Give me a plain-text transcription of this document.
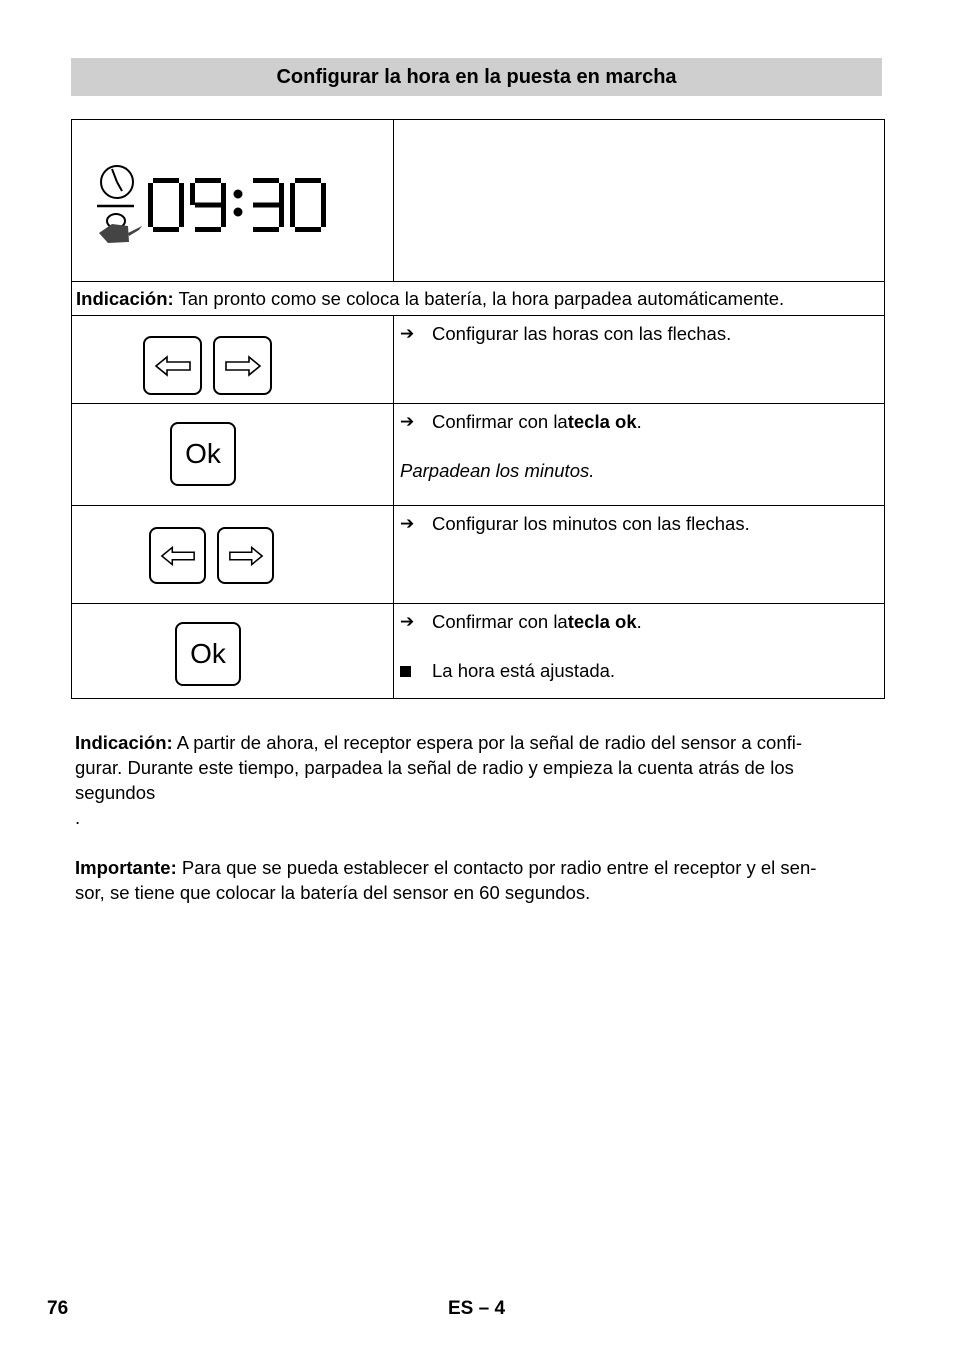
Configurar la hora en la puesta en marcha

Indicación: Tan pronto como se coloca la batería, la hora parpadea automáticamente.	

➔ Configurar las horas con las flechas.

Ok	➔ Confirmar con la tecla ok .
Parpadean los minutos.

➔ Configurar los minutos con las flechas.

Ok	➔ Confirmar con la tecla ok .
La hora está ajustada.
Indicación: A partir de ahora, el receptor espera por la señal de radio del sensor a confi-
gurar. Durante este tiempo, parpadea la señal de radio y empieza la cuenta atrás de los
segundos
.
Importante: Para que se pueda establecer el contacto por radio entre el receptor y el sen-
sor, se tiene que colocar la batería del sensor en 60 segundos.
76	ES – 4
